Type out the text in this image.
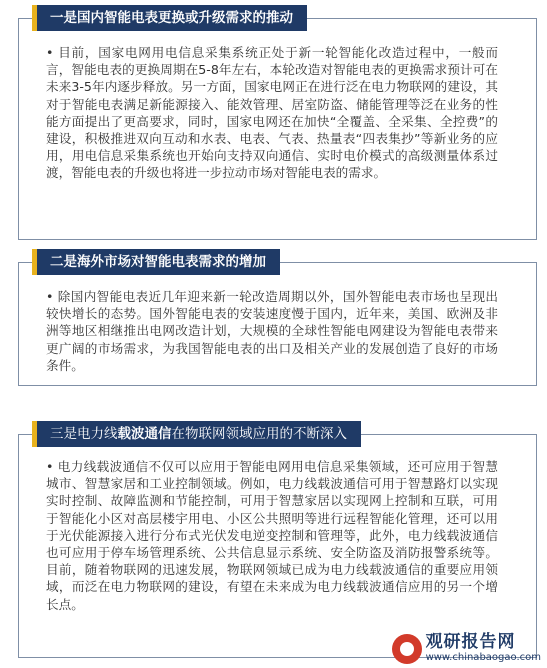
一是国内智能电表更换或升级需求的推动
• 目前，国家电网用电信息采集系统正处于新一轮智能化改造过程中，一般而言，智能电表的更换周期在5-8年左右，本轮改造对智能电表的更换需求预计可在未来3-5年内逐步释放。另一方面，国家电网正在进行泛在电力物联网的建设，其对于智能电表满足新能源接入、能效管理、居室防盗、储能管理等泛在业务的性能方面提出了更高要求，同时，国家电网还在加快“全覆盖、全采集、全控费”的建设，积极推进双向互动和水表、电表、气表、热量表“四表集抄”等新业务的应用，用电信息采集系统也开始向支持双向通信、实时电价模式的高级测量体系过渡，智能电表的升级也将进一步拉动市场对智能电表的需求。
二是海外市场对智能电表需求的增加
• 除国内智能电表近几年迎来新一轮改造周期以外，国外智能电表市场也呈现出较快增长的态势。国外智能电表的安装速度慢于国内，近年来，美国、欧洲及非洲等地区相继推出电网改造计划，大规模的全球性智能电网建设为智能电表带来更广阔的市场需求，为我国智能电表的出口及相关产业的发展创造了良好的市场条件。
三是电力线载波通信在物联网领域应用的不断深入
• 电力线载波通信不仅可以应用于智能电网用电信息采集领域，还可应用于智慧城市、智慧家居和工业控制领域。例如，电力线载波通信可用于智慧路灯以实现实时控制、故障监测和节能控制，可用于智慧家居以实现网上控制和互联，可用于智能化小区对高层楼宇用电、小区公共照明等进行远程智能化管理，还可以用于光伏能源接入进行分布式光伏发电逆变控制和管理等，此外，电力线载波通信也可应用于停车场管理系统、公共信息显示系统、安全防盗及消防报警系统等。目前，随着物联网的迅速发展，物联网领域已成为电力线载波通信的重要应用领域，而泛在电力物联网的建设，有望在未来成为电力线载波通信应用的另一个增长点。
观研报告网
www.chinabaogao.com
